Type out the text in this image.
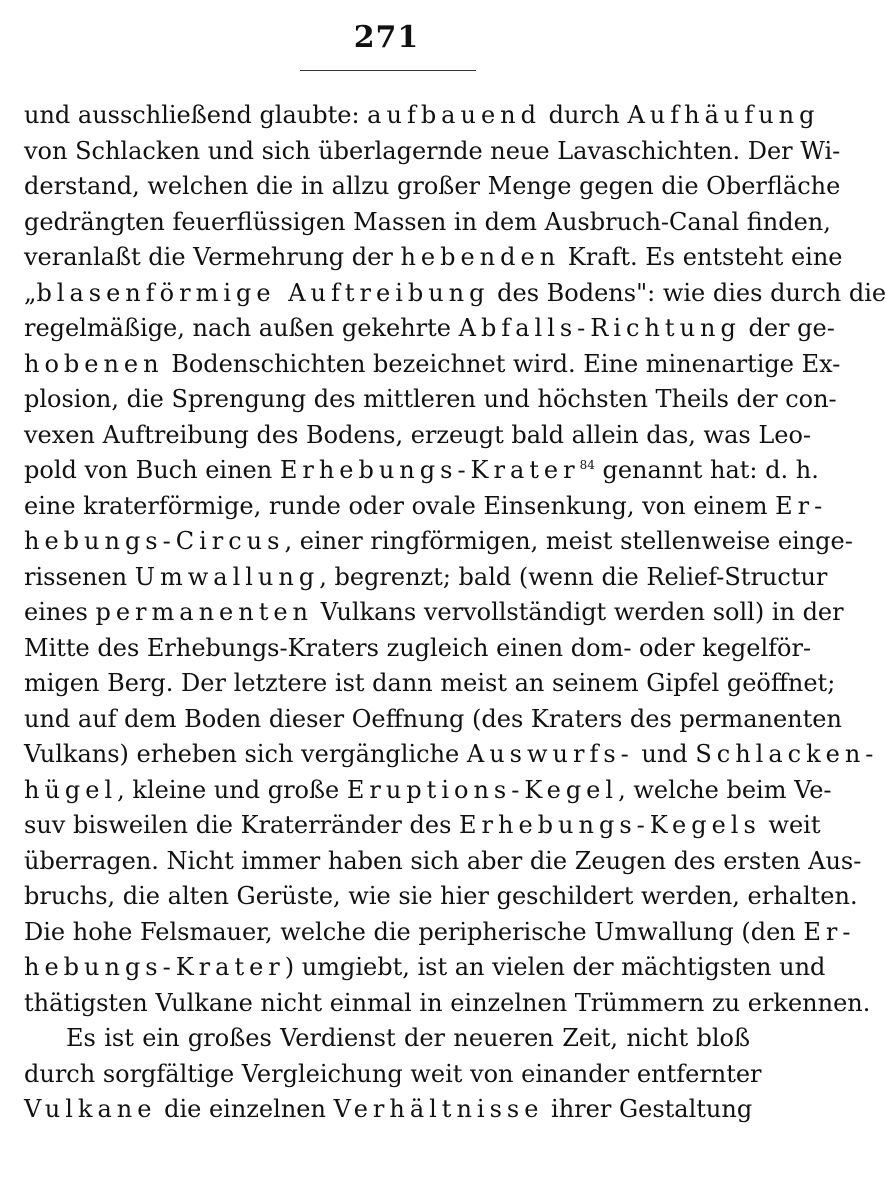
271
und ausschließend glaubte: aufbauend durch Aufhäufung
von Schlacken und sich überlagernde neue Lavaschichten. Der Wi-
derstand, welchen die in allzu großer Menge gegen die Oberfläche
gedrängten feuerflüssigen Massen in dem Ausbruch-Canal finden,
veranlaßt die Vermehrung der hebenden Kraft. Es entsteht eine
„blasenförmige Auftreibung des Bodens": wie dies durch die
regelmäßige, nach außen gekehrte Abfalls-Richtung der ge-
hobenen Bodenschichten bezeichnet wird. Eine minenartige Ex-
plosion, die Sprengung des mittleren und höchsten Theils der con-
vexen Auftreibung des Bodens, erzeugt bald allein das, was Leo-
pold von Buch einen Erhebungs-Krater$^{84}$ genannt hat: d. h.
eine kraterförmige, runde oder ovale Einsenkung, von einem Er-
hebungs-Circus, einer ringförmigen, meist stellenweise einge-
rissenen Umwallung, begrenzt; bald (wenn die Relief-Structur
eines permanenten Vulkans vervollständigt werden soll) in der
Mitte des Erhebungs-Kraters zugleich einen dom- oder kegelför-
migen Berg. Der letztere ist dann meist an seinem Gipfel geöffnet;
und auf dem Boden dieser Oeffnung (des Kraters des permanenten
Vulkans) erheben sich vergängliche Auswurfs- und Schlacken-
hügel, kleine und große Eruptions-Kegel, welche beim Ve-
suv bisweilen die Kraterränder des Erhebungs-Kegels weit
überragen. Nicht immer haben sich aber die Zeugen des ersten Aus-
bruchs, die alten Gerüste, wie sie hier geschildert werden, erhalten.
Die hohe Felsmauer, welche die peripherische Umwallung (den Er-
hebungs-Krater) umgiebt, ist an vielen der mächtigsten und
thätigsten Vulkane nicht einmal in einzelnen Trümmern zu erkennen.
Es ist ein großes Verdienst der neueren Zeit, nicht bloß
durch sorgfältige Vergleichung weit von einander entfernter
Vulkane die einzelnen Verhältnisse ihrer Gestaltung
